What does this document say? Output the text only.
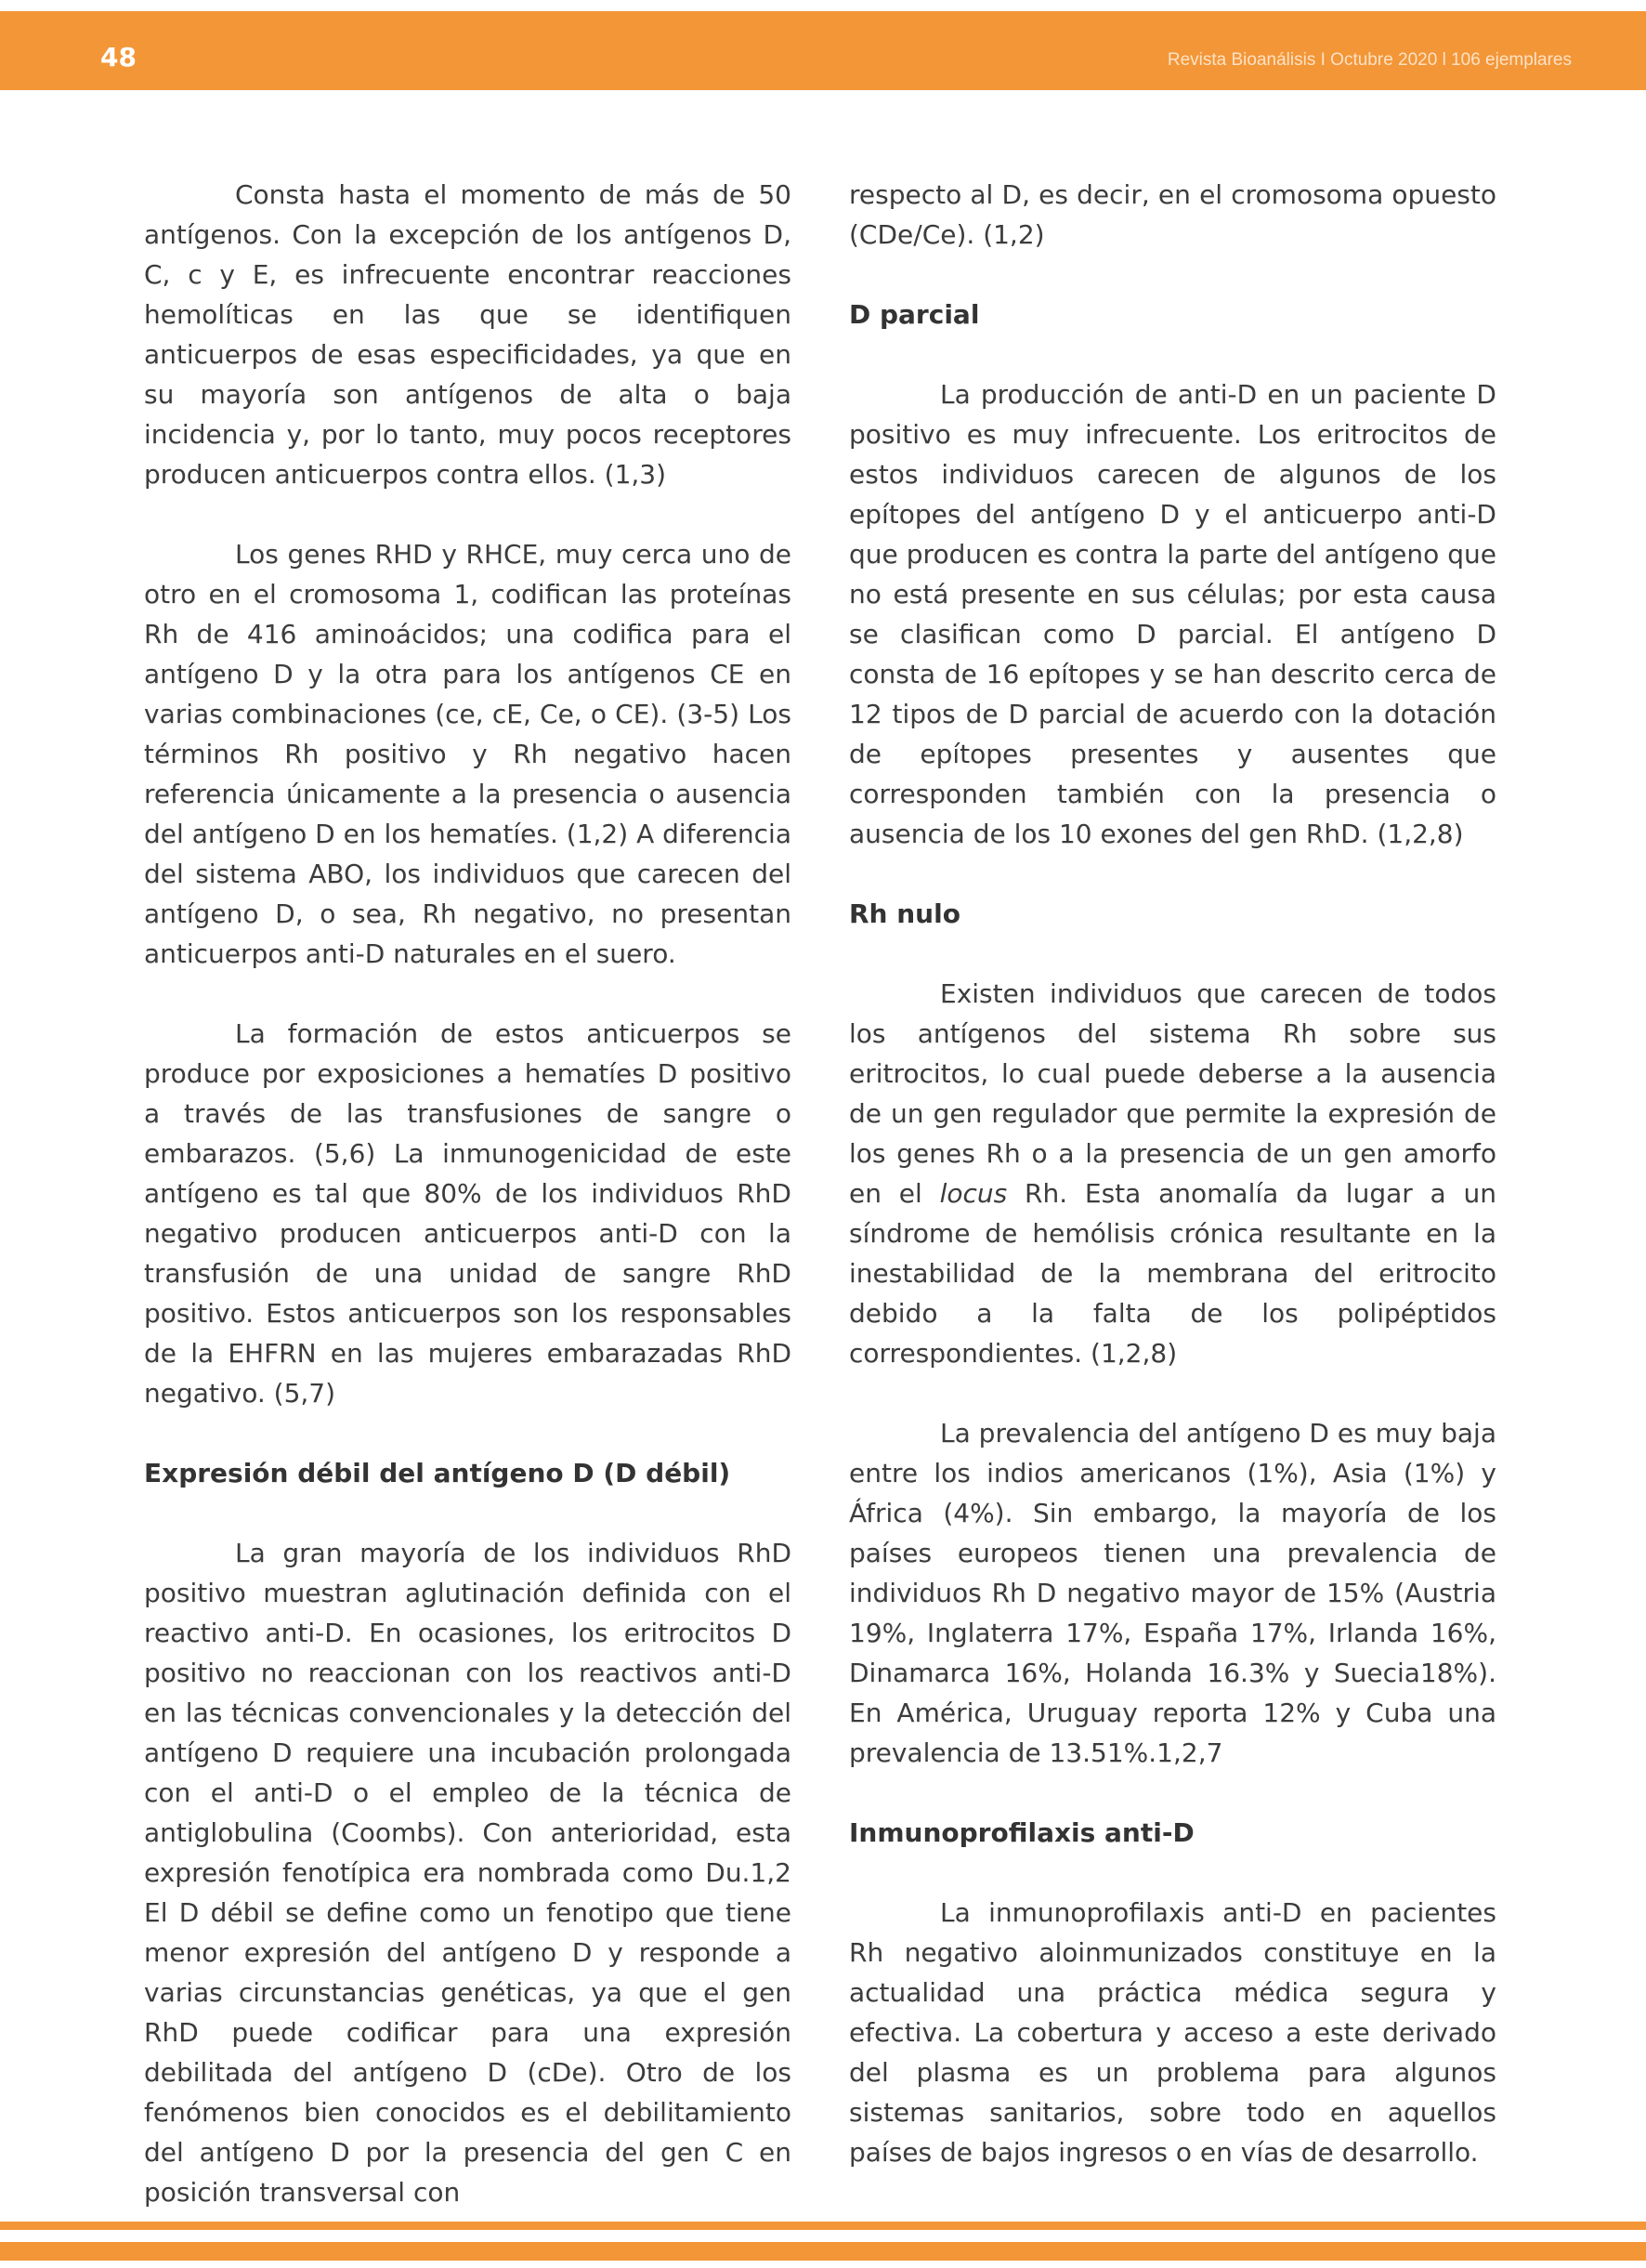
48	Revista Bioanálisis I Octubre 2020 l 106 ejemplares

Consta hasta el momento de más de 50 antígenos. Con la excepción de los antígenos D, C, c y E, es infrecuente encontrar reacciones hemolíticas en las que se identifiquen anticuerpos de esas especificidades, ya que en su mayoría son antígenos de alta o baja incidencia y, por lo tanto, muy pocos receptores producen anticuerpos contra ellos. (1,3)

Los genes RHD y RHCE, muy cerca uno de otro en el cromosoma 1, codifican las proteínas Rh de 416 aminoácidos; una codifica para el antígeno D y la otra para los antígenos CE en varias combinaciones (ce, cE, Ce, o CE). (3-5) Los términos Rh positivo y Rh negativo hacen referencia únicamente a la presencia o ausencia del antígeno D en los hematíes. (1,2) A diferencia del sistema ABO, los individuos que carecen del antígeno D, o sea, Rh negativo, no presentan anticuerpos anti-D naturales en el suero.

La formación de estos anticuerpos se produce por exposiciones a hematíes D positivo a través de las transfusiones de sangre o embarazos. (5,6) La inmunogenicidad de este antígeno es tal que 80% de los individuos RhD negativo producen anticuerpos anti-D con la transfusión de una unidad de sangre RhD positivo. Estos anticuerpos son los responsables de la EHFRN en las mujeres embarazadas RhD negativo. (5,7)

Expresión débil del antígeno D (D débil)

La gran mayoría de los individuos RhD positivo muestran aglutinación definida con el reactivo anti-D. En ocasiones, los eritrocitos D positivo no reaccionan con los reactivos anti-D en las técnicas convencionales y la detección del antígeno D requiere una incubación prolongada con el anti-D o el empleo de la técnica de antiglobulina (Coombs). Con anterioridad, esta expresión fenotípica era nombrada como Du.1,2 El D débil se define como un fenotipo que tiene menor expresión del antígeno D y responde a varias circunstancias genéticas, ya que el gen RhD puede codificar para una expresión debilitada del antígeno D (cDe). Otro de los fenómenos bien conocidos es el debilitamiento del antígeno D por la presencia del gen C en posición transversal con

respecto al D, es decir, en el cromosoma opuesto (CDe/Ce). (1,2)

D parcial

La producción de anti-D en un paciente D positivo es muy infrecuente. Los eritrocitos de estos individuos carecen de algunos de los epítopes del antígeno D y el anticuerpo anti-D que producen es contra la parte del antígeno que no está presente en sus células; por esta causa se clasifican como D parcial. El antígeno D consta de 16 epítopes y se han descrito cerca de 12 tipos de D parcial de acuerdo con la dotación de epítopes presentes y ausentes que corresponden también con la presencia o ausencia de los 10 exones del gen RhD. (1,2,8)

Rh nulo

Existen individuos que carecen de todos los antígenos del sistema Rh sobre sus eritrocitos, lo cual puede deberse a la ausencia de un gen regulador que permite la expresión de los genes Rh o a la presencia de un gen amorfo en el locus Rh. Esta anomalía da lugar a un síndrome de hemólisis crónica resultante en la inestabilidad de la membrana del eritrocito debido a la falta de los polipéptidos correspondientes. (1,2,8)

La prevalencia del antígeno D es muy baja entre los indios americanos (1%), Asia (1%) y África (4%). Sin embargo, la mayoría de los países europeos tienen una prevalencia de individuos Rh D negativo mayor de 15% (Austria 19%, Inglaterra 17%, España 17%, Irlanda 16%, Dinamarca 16%, Holanda 16.3% y Suecia18%). En América, Uruguay reporta 12% y Cuba una prevalencia de 13.51%.1,2,7

Inmunoprofilaxis anti-D

La inmunoprofilaxis anti-D en pacientes Rh negativo aloinmunizados constituye en la actualidad una práctica médica segura y efectiva. La cobertura y acceso a este derivado del plasma es un problema para algunos sistemas sanitarios, sobre todo en aquellos países de bajos ingresos o en vías de desarrollo.
